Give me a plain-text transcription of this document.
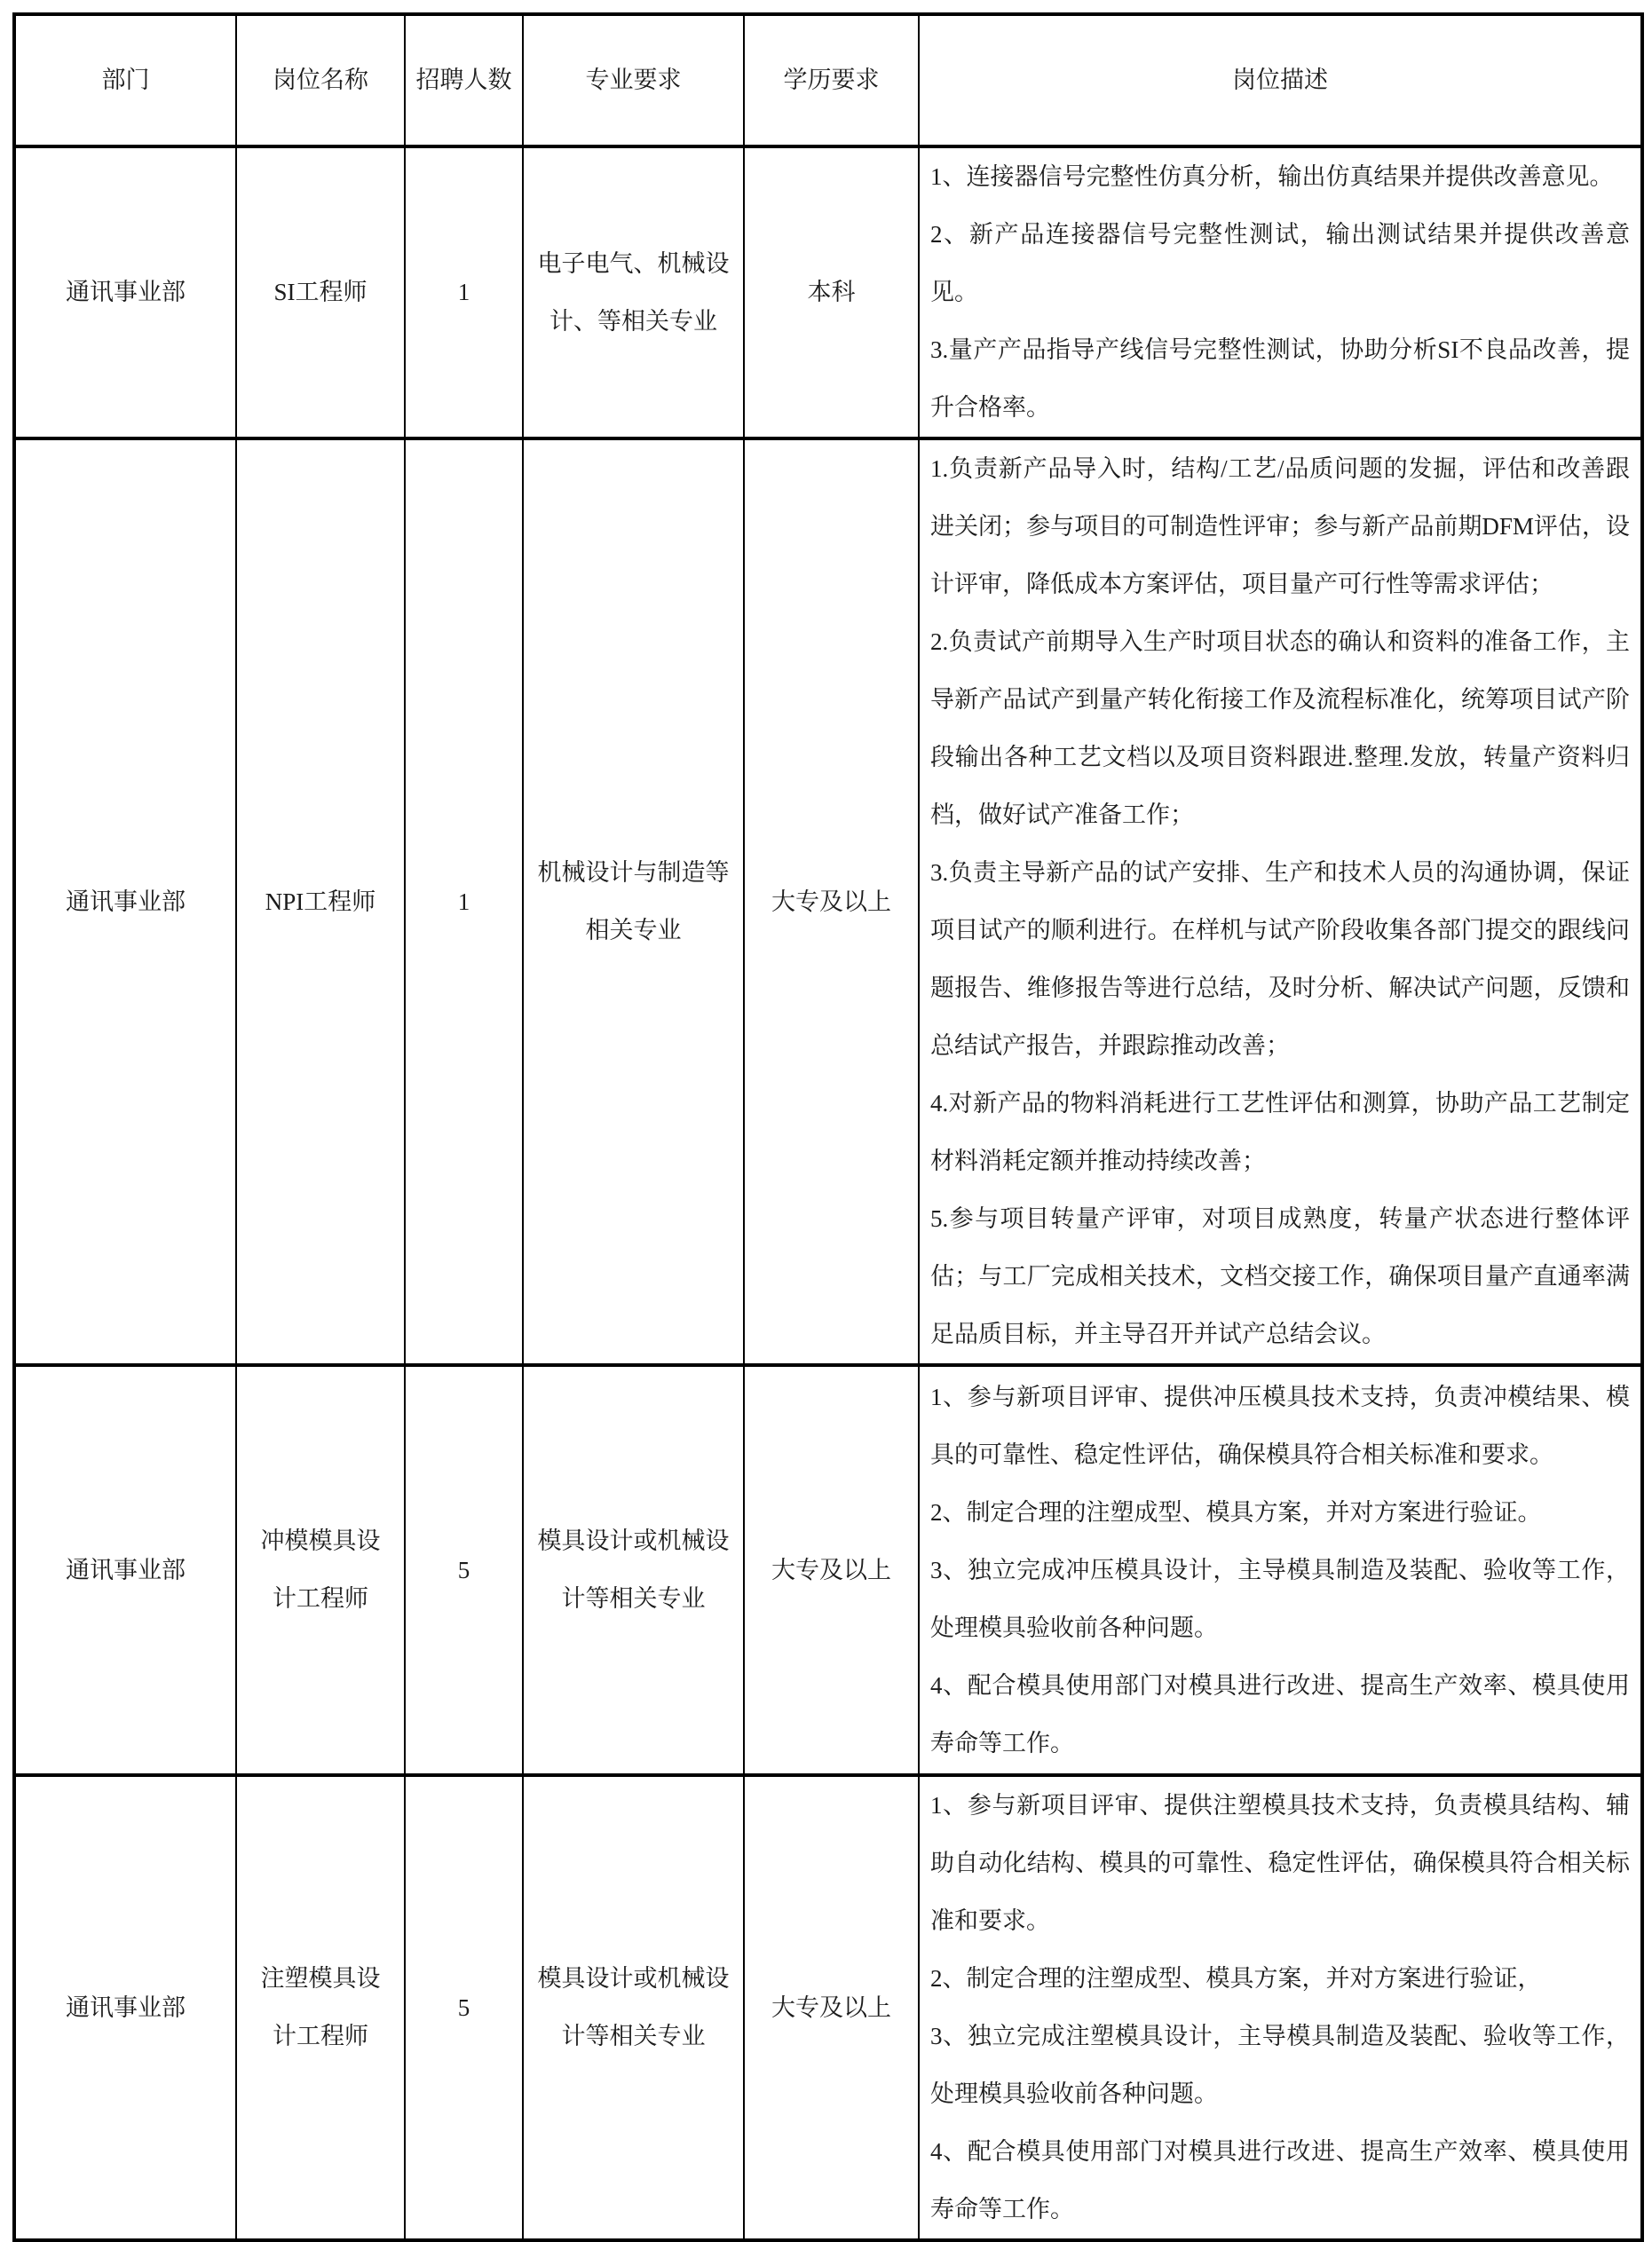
部门	岗位名称	招聘人数	专业要求	学历要求	岗位描述
通讯事业部	SI工程师	1	电子电气、机械设计、等相关专业	本科	1、连接器信号完整性仿真分析，输出仿真结果并提供改善意见。

2、新产品连接器信号完整性测试，输出测试结果并提供改善意见。

3.量产产品指导产线信号完整性测试，协助分析SI不良品改善，提升合格率。

通讯事业部	NPI工程师	1	机械设计与制造等相关专业	大专及以上	1.负责新产品导入时，结构/工艺/品质问题的发掘，评估和改善跟进关闭；参与项目的可制造性评审；参与新产品前期DFM评估，设计评审，降低成本方案评估，项目量产可行性等需求评估；

2.负责试产前期导入生产时项目状态的确认和资料的准备工作，主导新产品试产到量产转化衔接工作及流程标准化，统筹项目试产阶段输出各种工艺文档以及项目资料跟进.整理.发放，转量产资料归档，做好试产准备工作；

3.负责主导新产品的试产安排、生产和技术人员的沟通协调，保证项目试产的顺利进行。在样机与试产阶段收集各部门提交的跟线问题报告、维修报告等进行总结，及时分析、解决试产问题，反馈和总结试产报告，并跟踪推动改善；

4.对新产品的物料消耗进行工艺性评估和测算，协助产品工艺制定材料消耗定额并推动持续改善；

5.参与项目转量产评审，对项目成熟度，转量产状态进行整体评估；与工厂完成相关技术，文档交接工作，确保项目量产直通率满足品质目标，并主导召开并试产总结会议。

通讯事业部	冲模模具设计工程师	5	模具设计或机械设计等相关专业	大专及以上	1、参与新项目评审、提供冲压模具技术支持，负责冲模结果、模具的可靠性、稳定性评估，确保模具符合相关标准和要求。

2、制定合理的注塑成型、模具方案，并对方案进行验证。

3、独立完成冲压模具设计，主导模具制造及装配、验收等工作，处理模具验收前各种问题。

4、配合模具使用部门对模具进行改进、提高生产效率、模具使用寿命等工作。

通讯事业部	注塑模具设计工程师	5	模具设计或机械设计等相关专业	大专及以上	1、参与新项目评审、提供注塑模具技术支持，负责模具结构、辅助自动化结构、模具的可靠性、稳定性评估，确保模具符合相关标准和要求。

2、制定合理的注塑成型、模具方案，并对方案进行验证，

3、独立完成注塑模具设计，主导模具制造及装配、验收等工作，处理模具验收前各种问题。

4、配合模具使用部门对模具进行改进、提高生产效率、模具使用寿命等工作。
